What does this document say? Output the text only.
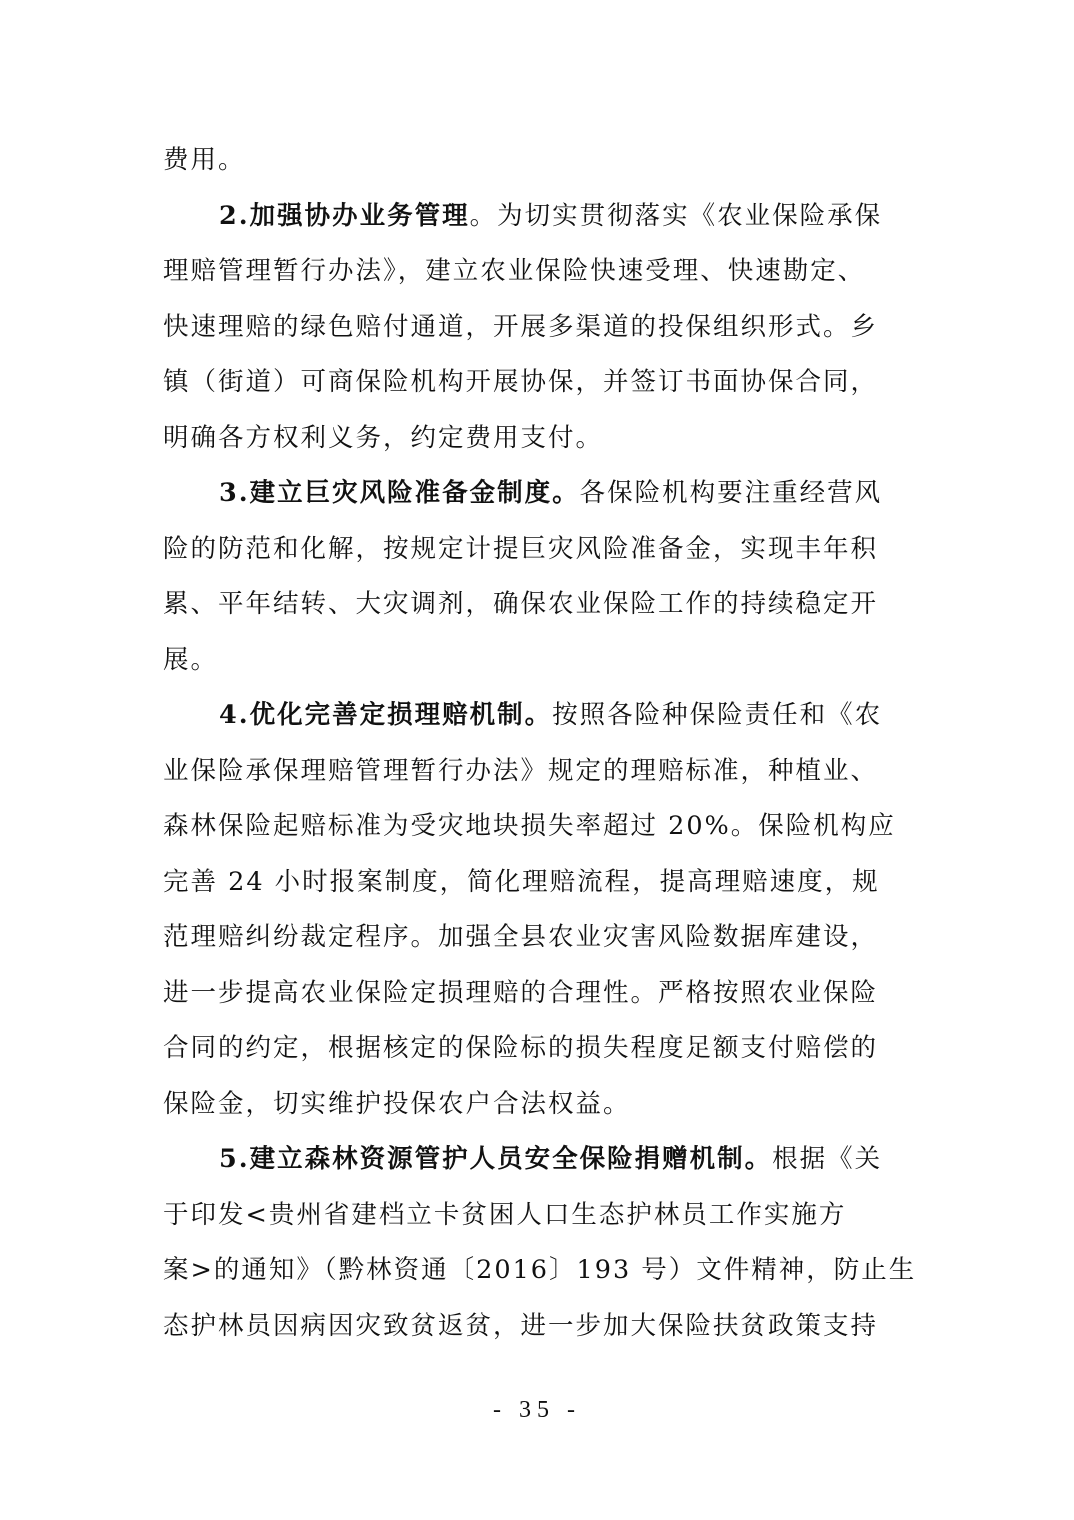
费用。
2.加强协办业务管理。为切实贯彻落实《农业保险承保
理赔管理暂行办法》，建立农业保险快速受理、快速勘定、
快速理赔的绿色赔付通道，开展多渠道的投保组织形式。乡
镇（街道）可商保险机构开展协保，并签订书面协保合同，
明确各方权利义务，约定费用支付。
3.建立巨灾风险准备金制度。各保险机构要注重经营风
险的防范和化解，按规定计提巨灾风险准备金，实现丰年积
累、平年结转、大灾调剂，确保农业保险工作的持续稳定开
展。
4.优化完善定损理赔机制。按照各险种保险责任和《农
业保险承保理赔管理暂行办法》规定的理赔标准，种植业、
森林保险起赔标准为受灾地块损失率超过 20%。保险机构应
完善 24 小时报案制度，简化理赔流程，提高理赔速度，规
范理赔纠纷裁定程序。加强全县农业灾害风险数据库建设，
进一步提高农业保险定损理赔的合理性。严格按照农业保险
合同的约定，根据核定的保险标的损失程度足额支付赔偿的
保险金，切实维护投保农户合法权益。
5.建立森林资源管护人员安全保险捐赠机制。根据《关
于印发<贵州省建档立卡贫困人口生态护林员工作实施方
案>的通知》（黔林资通〔2016〕193 号）文件精神，防止生
态护林员因病因灾致贫返贫，进一步加大保险扶贫政策支持
- 35 -
